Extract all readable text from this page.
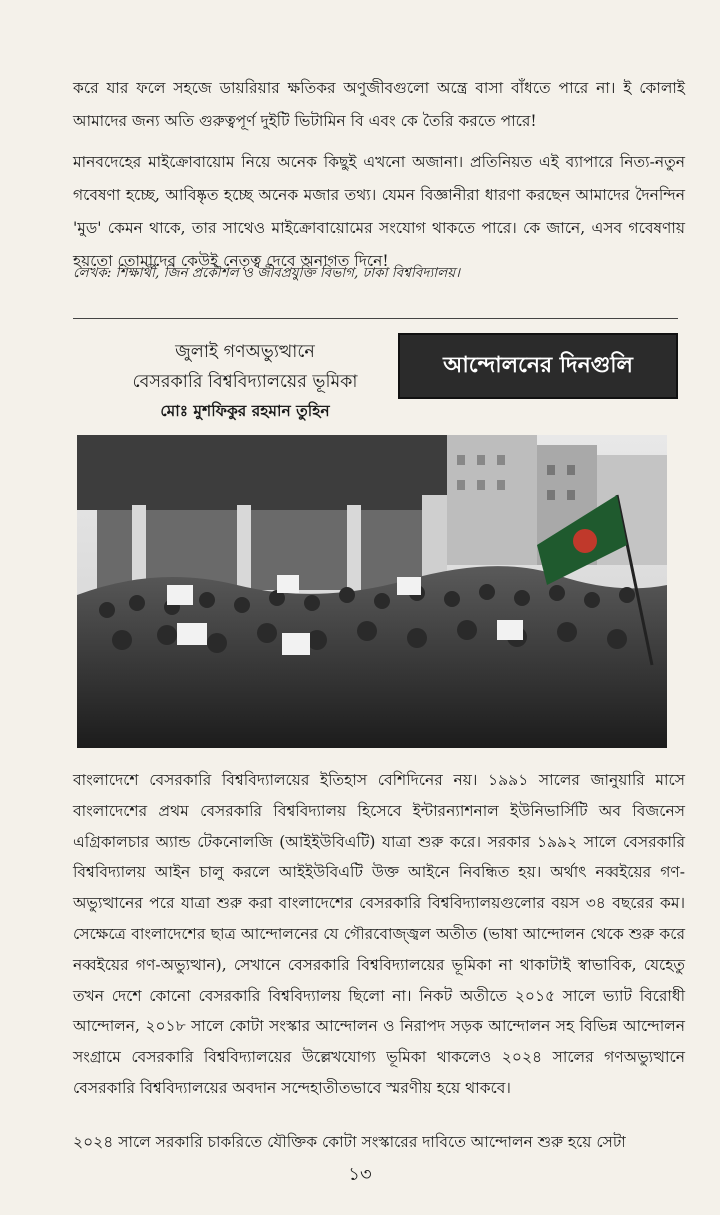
করে যার ফলে সহজে ডায়রিয়ার ক্ষতিকর অণুজীবগুলো অন্ত্রে বাসা বাঁধতে পারে না। ই কোলাই আমাদের জন্য অতি গুরুত্বপূর্ণ দুইটি ভিটামিন বি এবং কে তৈরি করতে পারে!

মানবদেহের মাইক্রোবায়োম নিয়ে অনেক কিছুই এখনো অজানা। প্রতিনিয়ত এই ব্যাপারে নিত্য-নতুন গবেষণা হচ্ছে, আবিষ্কৃত হচ্ছে অনেক মজার তথ্য। যেমন বিজ্ঞানীরা ধারণা করছেন আমাদের দৈনন্দিন 'মুড' কেমন থাকে, তার সাথেও মাইক্রোবায়োমের সংযোগ থাকতে পারে। কে জানে, এসব গবেষণায় হয়তো তোমাদের কেউই নেতৃত্ব দেবে অনাগত দিনে!

লেখক: শিক্ষার্থী, জিন প্রকৌশল ও জীবপ্রযুক্তি বিভাগ, ঢাকা বিশ্ববিদ্যালয়।

জুলাই গণঅভ্যুত্থানে
বেসরকারি বিশ্ববিদ্যালয়ের ভূমিকা
মোঃ মুশফিকুর রহমান তুহিন
আন্দোলনের দিনগুলি

বাংলাদেশে বেসরকারি বিশ্ববিদ্যালয়ের ইতিহাস বেশিদিনের নয়। ১৯৯১ সালের জানুয়ারি মাসে বাংলাদেশের প্রথম বেসরকারি বিশ্ববিদ্যালয় হিসেবে ইন্টারন্যাশনাল ইউনিভার্সিটি অব বিজনেস এগ্রিকালচার অ্যান্ড টেকনোলজি (আইইউবিএটি) যাত্রা শুরু করে। সরকার ১৯৯২ সালে বেসরকারি বিশ্ববিদ্যালয় আইন চালু করলে আইইউবিএটি উক্ত আইনে নিবন্ধিত হয়। অর্থাৎ নব্বইয়ের গণ-অভ্যুত্থানের পরে যাত্রা শুরু করা বাংলাদেশের বেসরকারি বিশ্ববিদ্যালয়গুলোর বয়স ৩৪ বছরের কম। সেক্ষেত্রে বাংলাদেশের ছাত্র আন্দোলনের যে গৌরবোজ্জ্বল অতীত (ভাষা আন্দোলন থেকে শুরু করে নব্বইয়ের গণ-অভ্যুত্থান), সেখানে বেসরকারি বিশ্ববিদ্যালয়ের ভূমিকা না থাকাটাই স্বাভাবিক, যেহেতু তখন দেশে কোনো বেসরকারি বিশ্ববিদ্যালয় ছিলো না। নিকট অতীতে ২০১৫ সালে ভ্যাট বিরোধী আন্দোলন, ২০১৮ সালে কোটা সংস্কার আন্দোলন ও নিরাপদ সড়ক আন্দোলন সহ বিভিন্ন আন্দোলন সংগ্রামে বেসরকারি বিশ্ববিদ্যালয়ের উল্লেখযোগ্য ভূমিকা থাকলেও ২০২৪ সালের গণঅভ্যুত্থানে বেসরকারি বিশ্ববিদ্যালয়ের অবদান সন্দেহাতীতভাবে স্মরণীয় হয়ে থাকবে।

২০২৪ সালে সরকারি চাকরিতে যৌক্তিক কোটা সংস্কারের দাবিতে আন্দোলন শুরু হয়ে সেটা

১৩
